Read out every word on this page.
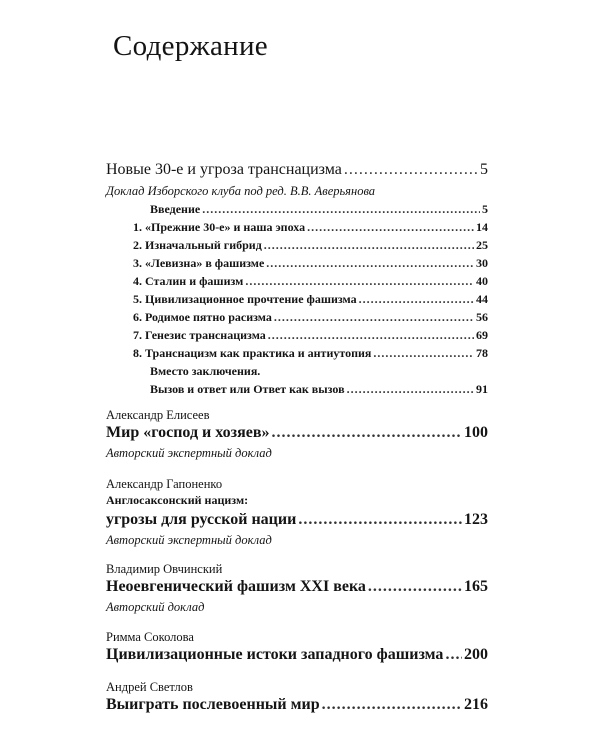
Содержание
Новые 30-е и угроза транснацизма .....	5
Доклад Изборского клуба под ред. В.В. Аверьянова
Введение .....	5
1. «Прежние 30-е» и наша эпоха .....	14
2. Изначальный гибрид .....	25
3. «Левизна» в фашизме .....	30
4. Сталин и фашизм .....	40
5. Цивилизационное прочтение фашизма .....	44
6. Родимое пятно расизма .....	56
7. Генезис транснацизма .....	69
8. Транснацизм как практика и антиутопия .....	78
Вместо заключения.
Вызов и ответ или Ответ как вызов .....	91
Александр Елисеев
Мир «господ и хозяев» .....	100
Авторский экспертный доклад
Александр Гапоненко
Англосаксонский нацизм:
угрозы для русской нации .....	123
Авторский экспертный доклад
Владимир Овчинский
Неоевгенический фашизм XXI века .....	165
Авторский доклад
Римма Соколова
Цивилизационные истоки западного фашизма ..... 200
Андрей Светлов
Выиграть послевоенный мир .....	216
